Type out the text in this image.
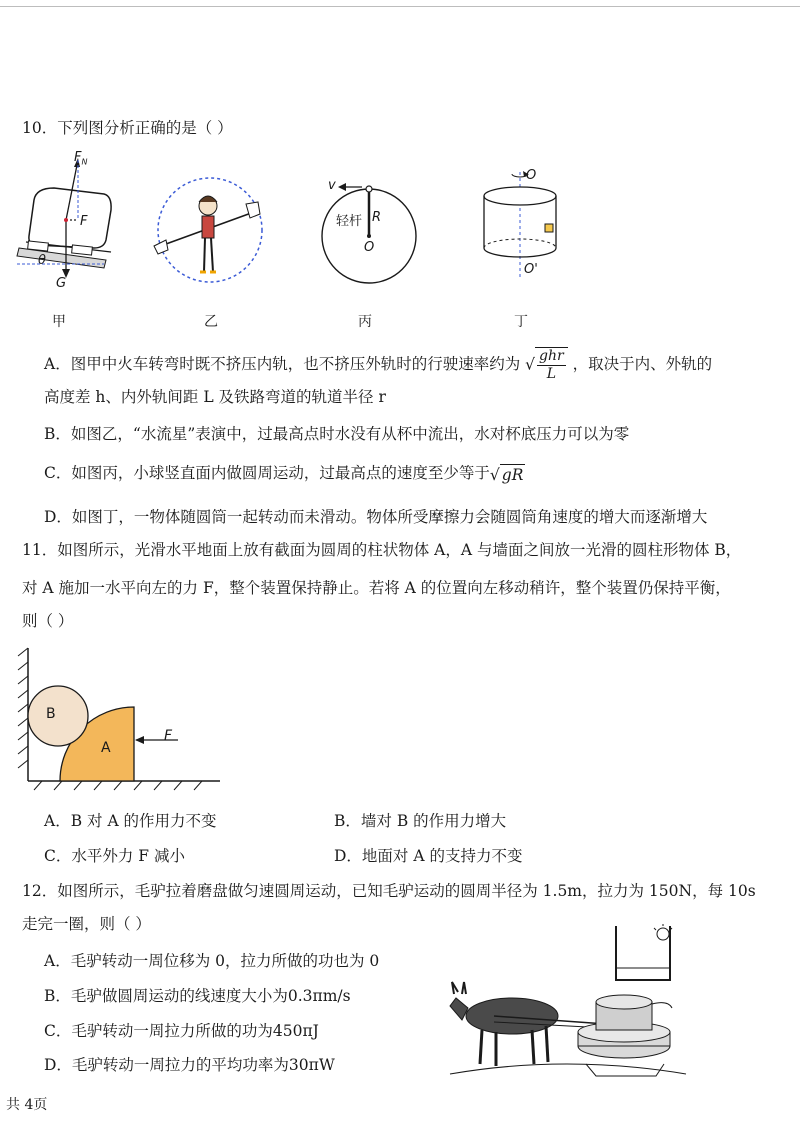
10．下列图分析正确的是（ ）
$F_N$
F
θ
G
v
轻杆 R
O
O
O'
甲	乙	丙	丁
A．图甲中火车转弯时既不挤压内轨，也不挤压外轨时的行驶速率约为 √ $\frac{\text{ghr}}{L}$ ，取决于内、外轨的
高度差 h、内外轨间距 L 及铁路弯道的轨道半径 r
B．如图乙，“水流星”表演中，过最高点时水没有从杯中流出，水对杯底压力可以为零
C．如图丙，小球竖直面内做圆周运动，过最高点的速度至少等于√ gR
D．如图丁，一物体随圆筒一起转动而未滑动。物体所受摩擦力会随圆筒角速度的增大而逐渐增大
11．如图所示，光滑水平地面上放有截面为圆周的柱状物体 A，A 与墙面之间放一光滑的圆柱形物体 B，
对 A 施加一水平向左的力 F，整个装置保持静止。若将 A 的位置向左移动稍许，整个装置仍保持平衡，
则（ ）
B
A
F
A．B 对 A 的作用力不变	B．墙对 B 的作用力增大
C．水平外力 F 减小	D．地面对 A 的支持力不变
12．如图所示，毛驴拉着磨盘做匀速圆周运动，已知毛驴运动的圆周半径为 1.5m，拉力为 150N，每 10s
走完一圈，则（ ）
A．毛驴转动一周位移为 0，拉力所做的功也为 0
B．毛驴做圆周运动的线速度大小为0.3πm/s
C．毛驴转动一周拉力所做的功为450πJ
D．毛驴转动一周拉力的平均功率为30πW
共 4页
